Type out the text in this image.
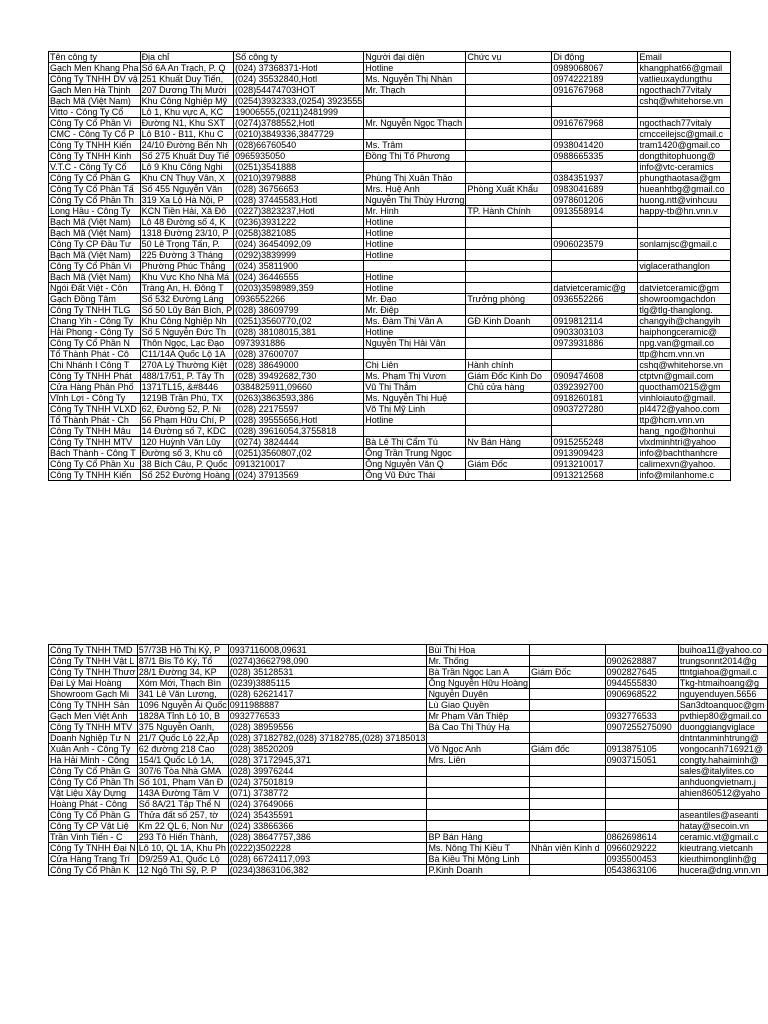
Tên công ty	Địa chỉ	Số công ty	Người đại diện	Chức vụ	Di động	Email
Gạch Men Khang Pha	Số 6A An Trạch, P. Q	(024) 37368371-Hotl	Hotline		0989068067	khangphat66@gmail
Công Ty TNHH DV vậ	251 Khuất Duy Tiến,	(024) 35532840,Hotl	Ms. Nguyễn Thị Nhàn		0974222189	vatlieuxaydungthu
Gạch Men Hà Thịnh	207 Dương Thị Mười	(028)54474703HOT	Mr. Thạch		0916767968	ngocthach77vitaly
Bạch Mã (Việt Nam)	Khu Công Nghiệp Mỹ	(0254)3932333,(0254) 3923555				cshq@whitehorse.vn
Vitto - Công Ty Cổ	Lô 1, Khu vực A, KC	19006555,(0211)2481999				
Công Ty Cổ Phần Vi	Đường N1, Khu SXT	(0274)3788552,Hotl	Mr. Nguyễn Ngọc Thạch		0916767968	ngocthach77vitaly
CMC - Công Ty Cổ P	Lô B10 - B11, Khu C	(0210)3849336,3847729				cmcceilejsc@gmail.c
Công Ty TNHH Kiến	24/10 Đường Bến Nh	(028)66760540	Ms. Trâm		0938041420	tram1420@gmail.co
Công Ty TNHH Kinh	Số 275 Khuất Duy Tiế	0965935050	Đồng Thị Tố Phương		0988665335	dongthitophuong@
V.T.C - Công Ty Cổ	Lô 9 Khu Công Nghi	(0251)3541888				info@vtc-ceramics
Công Ty Cổ Phần G	Khu CN Thụy Vân, X	(0210)3979888	Phùng Thị Xuân Thảo		0384351937	phungthaotasa@gm
Công Ty Cổ Phần Tấ	Số 455 Nguyễn Văn	(028) 36756653	Mrs. Huệ Anh	Phòng Xuất Khẩu	0983041689	hueanhtbg@gmail.co
Công Ty Cổ Phần Th	319 Xa Lộ Hà Nội, P	(028) 37445583,Hotl	Nguyễn Thị Thùy Hương		0978601206	huong.ntt@vinhcuu
Long Hầu - Công Ty	KCN Tiền Hải, Xã Đô	(0227)3823237,Hotl	Mr. Hinh	TP. Hành Chính	0913558914	happy-tb@hn.vnn.v
Bạch Mã (Việt Nam)	Lô 48 Đường số 4, K	(0236)3931222	Hotline			
Bạch Mã (Việt Nam)	1318 Đường 23/10, P	(0258)3821085	Hotline			
Công Ty CP Đầu Tư	50 Lê Trọng Tấn, P.	(024) 36454092,09	Hotline		0906023579	sonlamjsc@gmail.c
Bạch Mã (Việt Nam)	225 Đường 3 Tháng	(0292)3839999	Hotline			
Công Ty Cổ Phần Vi	Phường Phúc Thắng	(024) 35811900				viglacerathanglon
Bạch Mã (Việt Nam)	Khu Vực Kho Nhà Má	(024) 36446555	Hotline			
Ngói Đất Việt - Côn	Tràng An, H. Đông T	(0203)3598989,359	Hotline		datvietceramic@g	datvietceramic@gm
Gạch Đồng Tâm	Số 532 Đường Láng	0936552266	Mr. Đạo	Trưởng phòng	0936552266	showroomgachdon
Công Ty TNHH TLG	Số 50 Lũy Bán Bích, P	(028) 38609799	Mr. Điệp			tlg@tlg-thanglong.
Chang Yih - Công Ty	Khu Công Nghiệp Nh	(0251)3560770,(02	Ms. Đàm Thị Vân A	GĐ Kinh Doanh	0919812114	changyih@changyih
Hải Phong - Công Ty	Số 5 Nguyễn Đức Th	(028) 38108015,381	Hotline		0903303103	haiphongceramic@
Công Ty Cổ Phần N	Thôn Ngọc, Lạc Đạo	0973931886	Nguyễn Thị Hải Vân		0973931886	npg.van@gmail.co
Tổ Thành Phát - Cô	C11/14A Quốc Lộ 1A	(028) 37600707				ttp@hcm.vnn.vn
Chi Nhánh I Công T	270A Lý Thường Kiệt	(028) 38649000	Chị Liên	Hành chính		cshq@whitehorse.vn
Công Ty TNHH Phát	488/17/51, P. Tây Th	(028) 39492682,730	Ms. Phạm Thị Vươn	Giám Đốc Kinh Do	0909474608	ctptvn@gmail.com
Cửa Hàng Phân Phố	1371TL15, &#8446	0384825911,09660	Vũ Thị Thắm	Chủ cửa hàng	0392392700	quoctham0215@gm
Vĩnh Lợi - Công Ty	1219B Trần Phú, TX	(0263)3863593,386	Ms. Nguyễn Thị Huệ		0918260181	vinhloiauto@gmail.
Công Ty TNHH VLXD	62, Đường 52, P. Ni	(028) 22175597	Võ Thị Mỹ Linh		0903727280	pl4472@yahoo.com
Tổ Thành Phát - Ch	56 Phạm Hữu Chí, P	(028) 39555656,Hotl	Hotline			ttp@hcm.vnn.vn
Công Ty TNHH Mâu	14 Đường số 7, KDC	(028) 39616054,3755818				hang_ngo@honhui
Công Ty TNHH MTV	120 Huỳnh Văn Lũy	(0274) 3824444	Bà Lê Thị Cẩm Tú	Nv Bán Hàng	0915255248	vlxdminhtri@yahoo
Bách Thành - Công T	Đường số 3, Khu cô	(0251)3560807,(02	Ông Trần Trung Ngọc		0913909423	info@bachthanhcre
Công Ty Cổ Phần Xu	38 Bích Câu, P. Quốc	0913210017	Ông Nguyễn Văn Q	Giám Đốc	0913210017	calimexvn@yahoo.
Công Ty TNHH Kiến	Số 252 Đường Hoàng	(024) 37913569	Ông Vũ Đức Thái		0913212568	info@milanhome.c
Công Ty TNHH TMD	57/73B Hồ Thị Kỷ, P	0937116008,09631	Bùi Thị Hoa			buihoa11@yahoo.co
Công Ty TNHH Vật L	87/1 Bis Tô Ký, Tổ	(0274)3662798,090	Mr. Thống		0902628887	trungsonnt2014@g
Công Ty TNHH Thươ	28/1 Đường 34, KP	(028) 35128531	Bà Trần Ngọc Lan A	Giám Đốc	0902827645	ttntgiahoa@gmail.c
Đại Lý Mai Hoàng	Xóm Mới, Thạch Bìn	(0239)3885115	Ông Nguyễn Hữu Hoàng		0944555830	Tkg-htmaihoang@g
Showroom Gạch Mi	341 Lê Văn Lương,	(028) 62621417	Nguyễn Duyên		0906968522	nguyenduyen.5656
Công Ty TNHH Sản	1096 Nguyễn Ái Quốc	0911988887	Lù Giao Quyền			San3dtoanquoc@gm
Gạch Men Việt Anh	1828A Tỉnh Lộ 10, B	0932776533	Mr Phạm Văn Thiệp		0932776533	pvthiep80@gmail.co
Công Ty TNHH MTV	375 Nguyễn Oanh,	(028) 38959556	Bà Cao Thị Thúy Hạ		0907255275090	duonggiangviglace
Doanh Nghiệp Tư N	21/7 Quốc Lộ 22,Ấp	(028) 37182782,(028) 37182785,(028) 37185013				dntntanminhtrung@
Xuân Anh - Công Ty	62 đường 218 Cao	(028) 38520209	Võ Ngọc Anh	Giám đốc	0913875105	vongocanh716921@
Hà Hải Minh - Công	154/1 Quốc Lộ 1A,	(028) 37172945,371	Mrs. Liên		0903715051	congty.hahaiminh@
Công Ty Cổ Phần G	307/6 Tòa Nhà GMA	(028) 39976244				sales@italylites.co
Công Ty Cổ Phần Th	Số 101, Phạm Văn Đ	(024) 37501819				anhduongvietnam.j
Vật Liệu Xây Dựng	143A Đường Tầm V	(071) 3738772				ahien860512@yaho
Hoàng Phát - Công	Số 8A/21 Tập Thể N	(024) 37649066				
Công Ty Cổ Phần G	Thửa đất số 257, tờ	(024) 35435591				aseantiles@aseanti
Công Ty CP Vật Liệ	Km 22 QL 6, Non Nư	(024) 33866366				hatay@secoin.vn
Trần Vinh Tiến - C	293 Tô Hiến Thành,	(028) 38647757,386	BP Bán Hàng		0862698614	ceramic.vt@gmail.c
Công Ty TNHH Đại N	Lô 10, QL 1A, Khu Ph	(0222)3502228	Ms. Nông Thị Kiều T	Nhân viên Kinh d	0966029222	kieutrang.vietcanh
Cửa Hàng Trang Trí	D9/259 A1, Quốc Lộ	(028) 66724117,093	Bà Kiều Thị Mộng Linh		0935500453	kieuthimonglinh@g
Công Ty Cổ Phần K	12 Ngô Thì Sỹ, P. P	(0234)3863106,382	P.Kinh Doanh		0543863106	hucera@dng.vnn.vn
